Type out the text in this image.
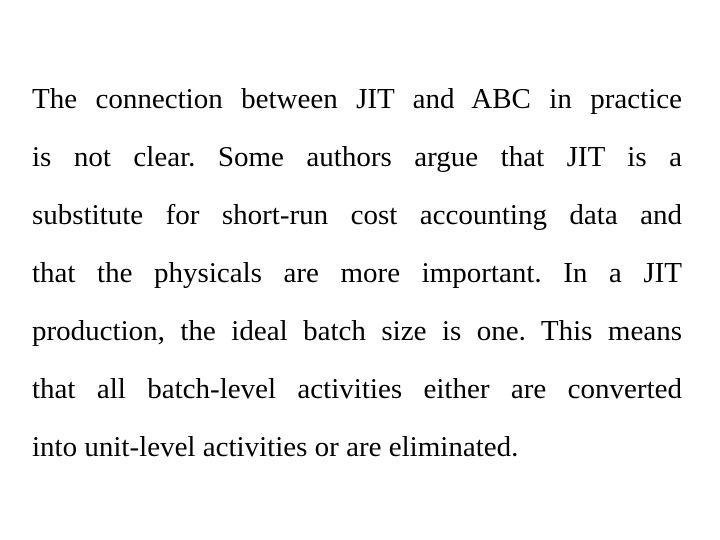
The connection between JIT and ABC in practice
is not clear. Some authors argue that JIT is a
substitute for short-run cost accounting data and
that the physicals are more important. In a JIT
production, the ideal batch size is one. This means
that all batch-level activities either are converted
into unit-level activities or are eliminated.
